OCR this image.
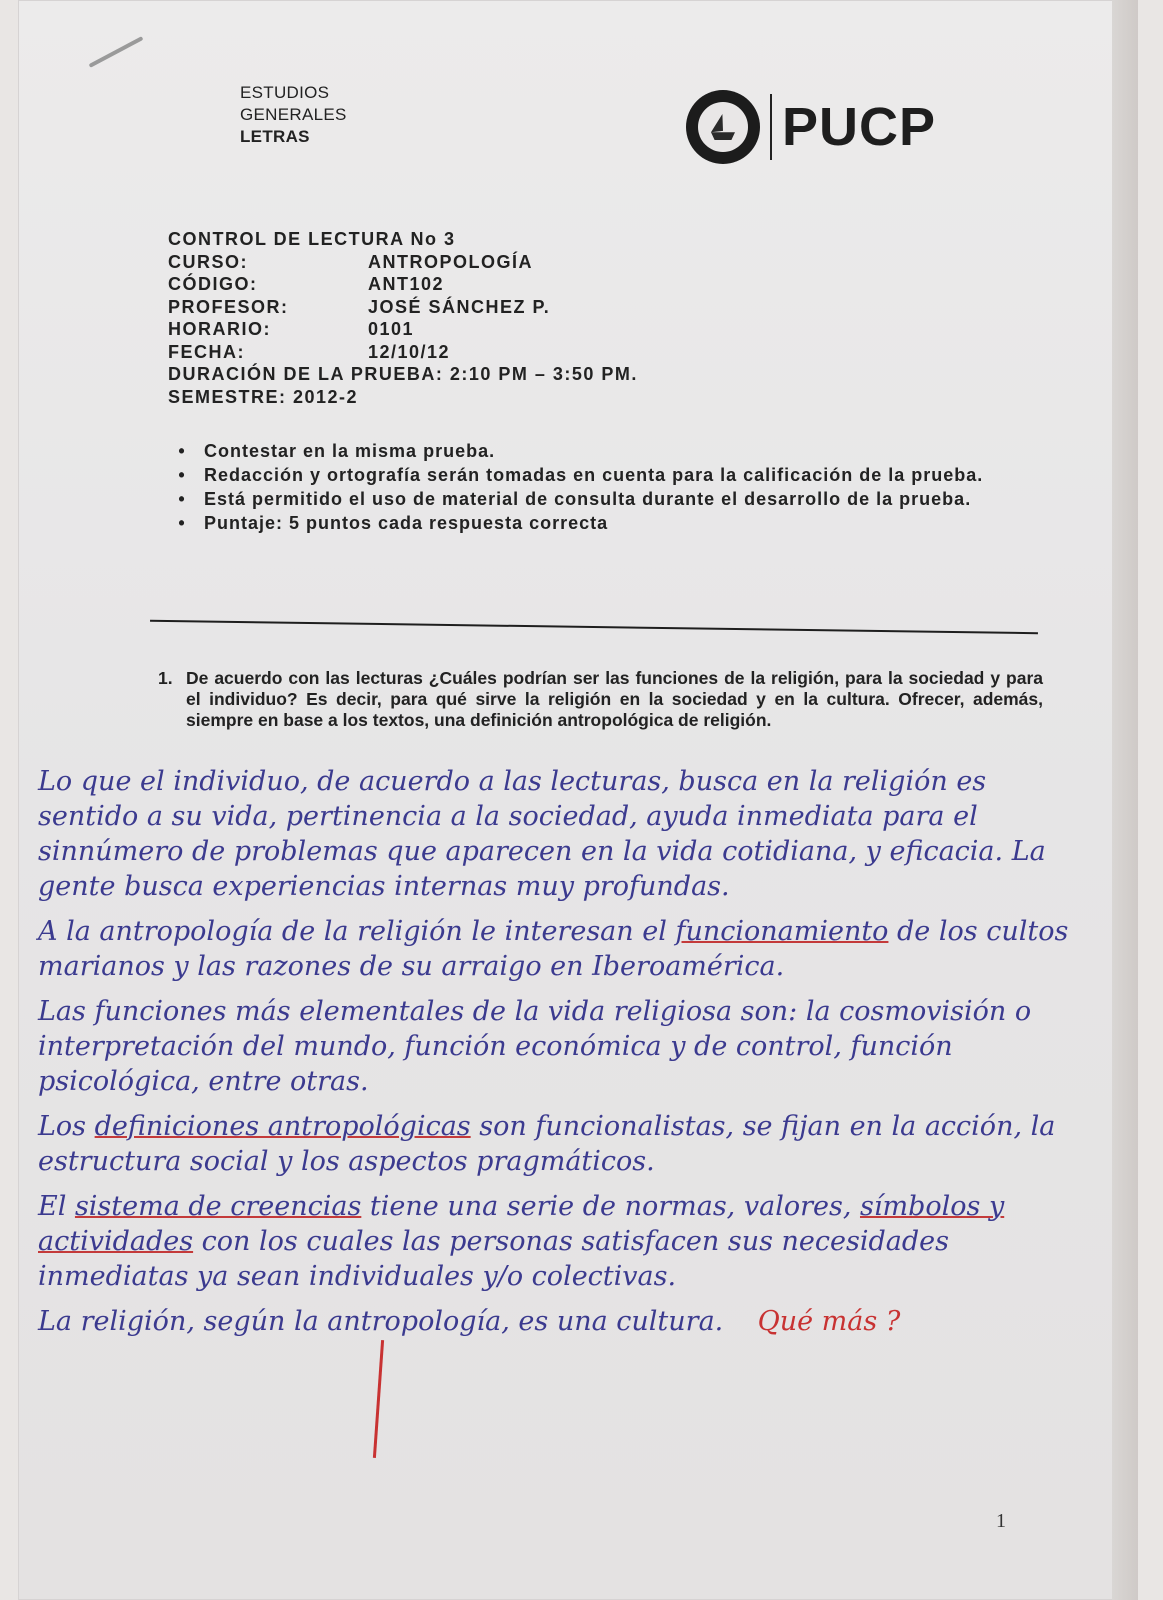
ESTUDIOS
GENERALES
LETRAS	PUCP
CONTROL DE LECTURA No 3
CURSO:	ANTROPOLOGÍA
CÓDIGO:	ANT102
PROFESOR:	JOSÉ SÁNCHEZ P.
HORARIO:	0101
FECHA:	12/10/12
DURACIÓN DE LA PRUEBA: 2:10 PM – 3:50 PM.
SEMESTRE: 2012-2
•	Contestar en la misma prueba.
•	Redacción y ortografía serán tomadas en cuenta para la calificación de la prueba.
•	Está permitido el uso de material de consulta durante el desarrollo de la prueba.
•	Puntaje: 5 puntos cada respuesta correcta
1. De acuerdo con las lecturas ¿Cuáles podrían ser las funciones de la religión, para la sociedad y para el individuo? Es decir, para qué sirve la religión en la sociedad y en la cultura. Ofrecer, además, siempre en base a los textos, una definición antropológica de religión.

Lo que el individuo, de acuerdo a las lecturas, busca en la religión es sentido a su vida, pertinencia a la sociedad, ayuda inmediata para el sinnúmero de problemas que aparecen en la vida cotidiana, y eficacia. La gente busca experiencias internas muy profundas.

A la antropología de la religión le interesan el funcionamiento de los cultos marianos y las razones de su arraigo en Iberoamérica.

Las funciones más elementales de la vida religiosa son: la cosmovisión o interpretación del mundo, función económica y de control, función psicológica, entre otras.

Los definiciones antropológicas son funcionalistas, se fijan en la acción, la estructura social y los aspectos pragmáticos.

El sistema de creencias tiene una serie de normas, valores, símbolos y actividades con los cuales las personas satisfacen sus necesidades inmediatas ya sean individuales y/o colectivas.

La religión, según la antropología, es una cultura. Qué más ?

1
